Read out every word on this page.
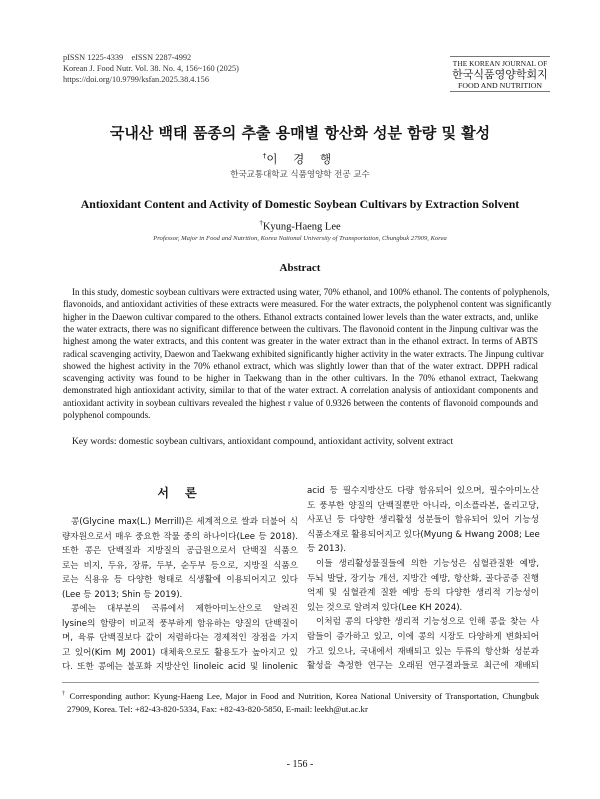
pISSN 1225-4339    eISSN 2287-4992
Korean J. Food Nutr. Vol. 38. No. 4, 156~160 (2025)
https://doi.org/10.9799/ksfan.2025.38.4.156
THE KOREAN JOURNAL OF
한국식품영양학회지
FOOD AND NUTRITION
국내산 백태 품종의 추출 용매별 항산화 성분 함량 및 활성
†이 경 행
한국교통대학교 식품영양학 전공 교수
Antioxidant Content and Activity of Domestic Soybean Cultivars by Extraction Solvent
†Kyung-Haeng Lee
Professor, Major in Food and Nutrition, Korea National University of Transportation, Chungbuk 27909, Korea
Abstract
In this study, domestic soybean cultivars were extracted using water, 70% ethanol, and 100% ethanol. The contents of polyphenols,
flavonoids, and antioxidant activities of these extracts were measured. For the water extracts, the polyphenol content was significantly
higher in the Daewon cultivar compared to the others. Ethanol extracts contained lower levels than the water extracts, and, unlike
the water extracts, there was no significant difference between the cultivars. The flavonoid content in the Jinpung cultivar was the
highest among the water extracts, and this content was greater in the water extract than in the ethanol extract. In terms of ABTS
radical scavenging activity, Daewon and Taekwang exhibited significantly higher activity in the water extracts. The Jinpung cultivar
showed the highest activity in the 70% ethanol extract, which was slightly lower than that of the water extract. DPPH radical
scavenging activity was found to be higher in Taekwang than in the other cultivars. In the 70% ethanol extract, Taekwang
demonstrated high antioxidant activity, similar to that of the water extract. A correlation analysis of antioxidant components and
antioxidant activity in soybean cultivars revealed the highest r value of 0.9326 between the contents of flavonoid compounds and
polyphenol compounds.
Key words: domestic soybean cultivars, antioxidant compound, antioxidant activity, solvent extract
서 론
콩(Glycine max(L.) Merrill)은 세계적으로 쌀과 더불어 식
량자원으로서 매우 중요한 작물 중의 하나이다(Lee 등 2018).
또한 콩은 단백질과 지방질의 공급원으로서 단백질 식품으
로는 비지, 두유, 장류, 두부, 순두부 등으로, 지방질 식품으
로는 식용유 등 다양한 형태로 식생활에 이용되어지고 있다
(Lee 등 2013; Shin 등 2019).
콩에는 대부분의 곡류에서 제한아미노산으로 알려진
lysine의 함량이 비교적 풍부하게 함유하는 양질의 단백질이
며, 육류 단백질보다 값이 저렴하다는 경제적인 장점을 가지
고 있어(Kim MJ 2001) 대체육으로도 활용도가 높아지고 있
다. 또한 콩에는 불포화 지방산인 linoleic acid 및 linolenic
acid 등 필수지방산도 다량 함유되어 있으며, 필수아미노산
도 풍부한 양질의 단백질뿐만 아니라, 이소플라본, 올리고당,
사포닌 등 다양한 생리활성 성분들이 함유되어 있어 기능성
식품소재로 활용되어지고 있다(Myung & Hwang 2008; Lee
등 2013).
이들 생리활성물질들에 의한 기능성은 심혈관질환 예방,
두뇌 발달, 장기능 개선, 지방간 예방, 항산화, 골다공증 진행
억제 및 심혈관계 질환 예방 등의 다양한 생리적 기능성이
있는 것으로 알려져 있다(Lee KH 2024).
이처럼 콩의 다양한 생리적 기능성으로 인해 콩을 찾는 사
람들이 증가하고 있고, 이에 콩의 시장도 다양하게 변화되어
가고 있으나, 국내에서 재배되고 있는 두류의 항산화 성분과
활성을 측정한 연구는 오래된 연구결과들로 최근에 재배되
† Corresponding author: Kyung-Haeng Lee, Major in Food and Nutrition, Korea National University of Transportation, Chungbuk
27909, Korea. Tel: +82-43-820-5334, Fax: +82-43-820-5850, E-mail: leekh@ut.ac.kr
- 156 -
